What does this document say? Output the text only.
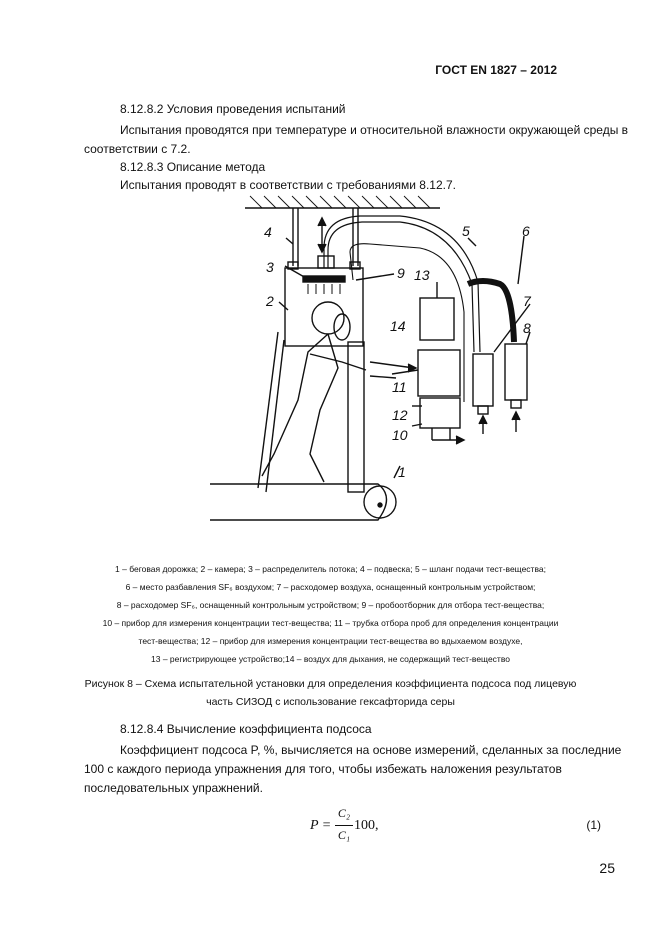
ГОСТ EN 1827 – 2012
8.12.8.2 Условия проведения испытаний
Испытания проводятся при температуре и относительной влажности окружающей среды в
соответствии с 7.2.
8.12.8.3 Описание метода
Испытания проводят в соответствии с требованиями 8.12.7.
4
3
2
5	6
7
8
9 13
14
11
12
10
1
1 – беговая дорожка; 2 – камера; 3 – распределитель потока; 4 – подвеска; 5 – шланг подачи тест-вещества;
6 – место разбавления SF₆ воздухом; 7 – расходомер воздуха, оснащенный контрольным устройством;
8 – расходомер SF₆, оснащенный контрольным устройством; 9 – пробоотборник для отбора тест-вещества;
10 – прибор для измерения концентрации тест-вещества; 11 – трубка отбора проб для определения концентрации
тест-вещества; 12 – прибор для измерения концентрации тест-вещества во вдыхаемом воздухе,
13 – регистрирующее устройство;14 – воздух для дыхания, не содержащий тест-вещество
Рисунок 8 – Схема испытательной установки для определения коэффициента подсоса под лицевую
часть СИЗОД с использование гексафторида серы
8.12.8.4 Вычисление коэффициента подсоса
Коэффициент подсоса P, %, вычисляется на основе измерений, сделанных за последние
100 с каждого периода упражнения для того, чтобы избежать наложения результатов
последовательных упражнений.
P =
C₂
C₁
100,	(1)
25
